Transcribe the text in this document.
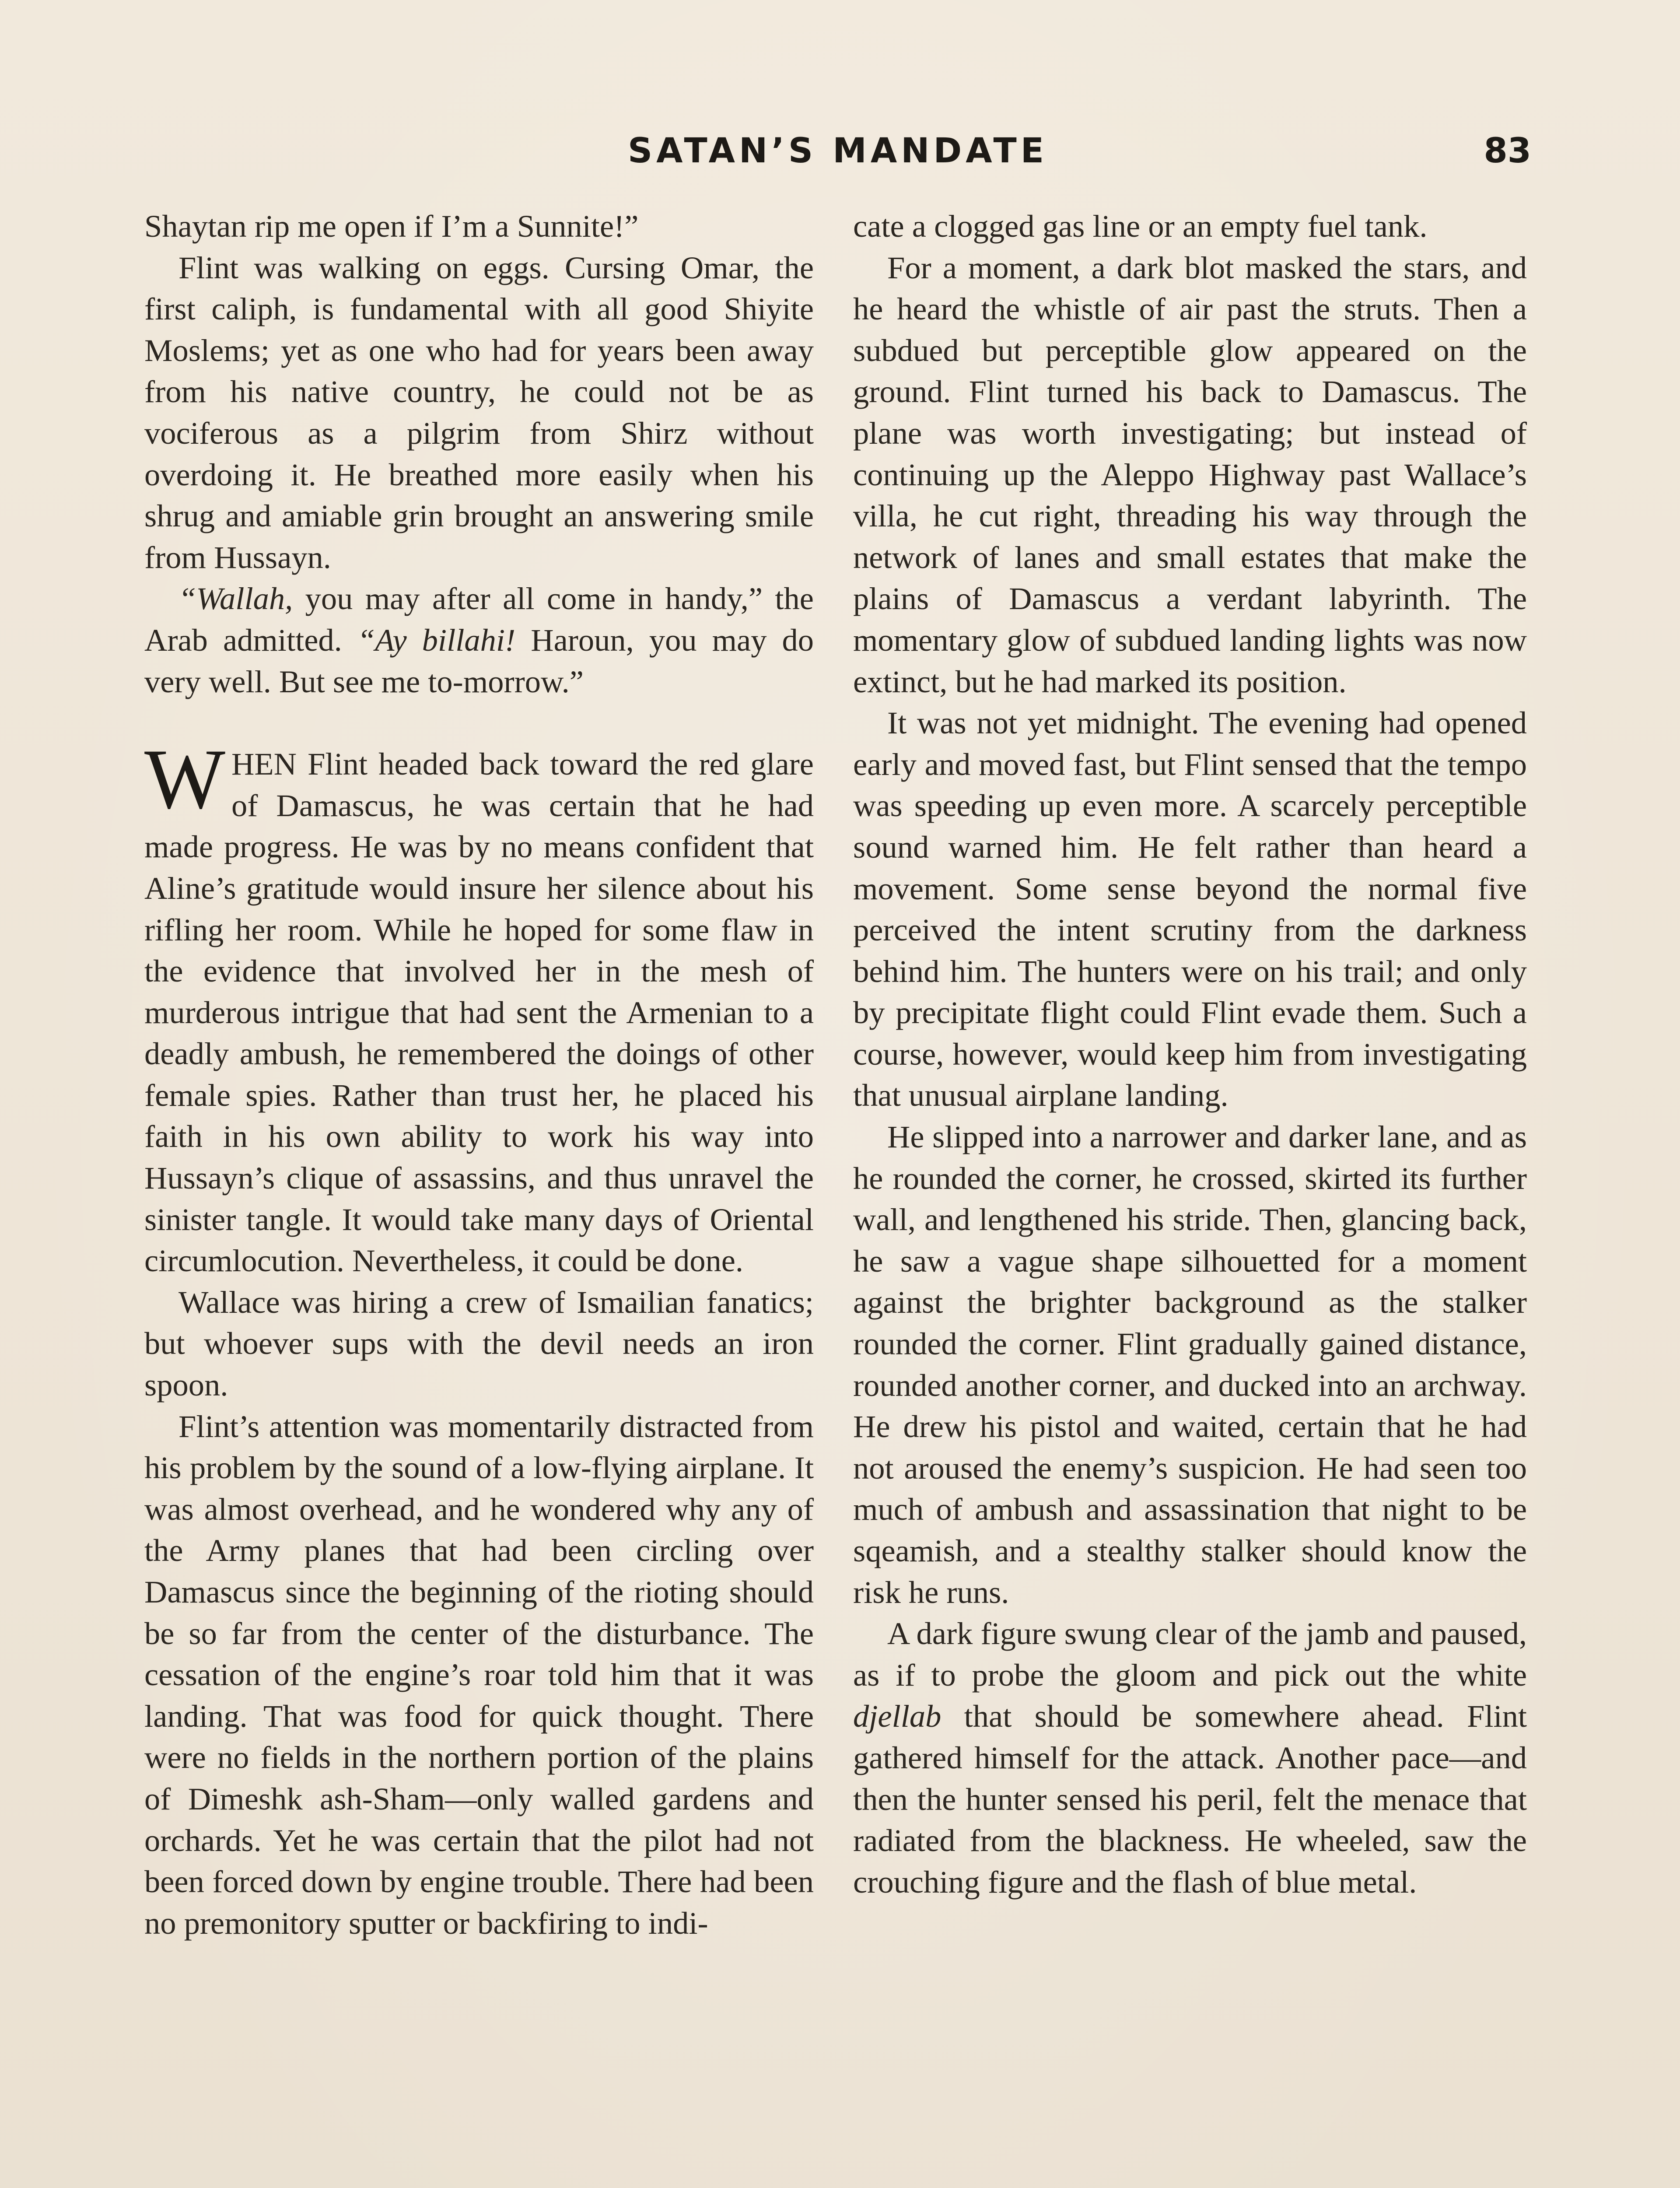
SATAN’S MANDATE	83

Shaytan rip me open if I’m a Sunnite!”

Flint was walking on eggs. Cursing Omar, the first caliph, is fundamental with all good Shiyite Moslems; yet as one who had for years been away from his native country, he could not be as vociferous as a pilgrim from Shirz without overdoing it. He breathed more easily when his shrug and amiable grin brought an answering smile from Hussayn.

“Wallah, you may after all come in handy,” the Arab admitted. “Ay billahi! Haroun, you may do very well. But see me to-morrow.”

WHEN Flint headed back toward the red glare of Damascus, he was certain that he had made progress. He was by no means confident that Aline’s gratitude would insure her silence about his rifling her room. While he hoped for some flaw in the evidence that involved her in the mesh of murderous intrigue that had sent the Armenian to a deadly ambush, he remembered the doings of other female spies. Rather than trust her, he placed his faith in his own ability to work his way into Hussayn’s clique of assassins, and thus unravel the sinister tangle. It would take many days of Oriental circumlocution. Nevertheless, it could be done.

Wallace was hiring a crew of Ismailian fanatics; but whoever sups with the devil needs an iron spoon.

Flint’s attention was momentarily distracted from his problem by the sound of a low-flying airplane. It was almost overhead, and he wondered why any of the Army planes that had been circling over Damascus since the beginning of the rioting should be so far from the center of the disturbance. The cessation of the engine’s roar told him that it was landing. That was food for quick thought. There were no fields in the northern portion of the plains of Dimeshk ash-Sham—only walled gardens and orchards. Yet he was certain that the pilot had not been forced down by engine trouble. There had been no premonitory sputter or backfiring to indi-

cate a clogged gas line or an empty fuel tank.

For a moment, a dark blot masked the stars, and he heard the whistle of air past the struts. Then a subdued but perceptible glow appeared on the ground. Flint turned his back to Damascus. The plane was worth investigating; but instead of continuing up the Aleppo Highway past Wallace’s villa, he cut right, threading his way through the network of lanes and small estates that make the plains of Damascus a verdant labyrinth. The momentary glow of subdued landing lights was now extinct, but he had marked its position.

It was not yet midnight. The evening had opened early and moved fast, but Flint sensed that the tempo was speeding up even more. A scarcely perceptible sound warned him. He felt rather than heard a movement. Some sense beyond the normal five perceived the intent scrutiny from the darkness behind him. The hunters were on his trail; and only by precipitate flight could Flint evade them. Such a course, however, would keep him from investigating that unusual airplane landing.

He slipped into a narrower and darker lane, and as he rounded the corner, he crossed, skirted its further wall, and lengthened his stride. Then, glancing back, he saw a vague shape silhouetted for a moment against the brighter background as the stalker rounded the corner. Flint gradually gained distance, rounded another corner, and ducked into an archway. He drew his pistol and waited, certain that he had not aroused the enemy’s suspicion. He had seen too much of ambush and assassination that night to be sqeamish, and a stealthy stalker should know the risk he runs.

A dark figure swung clear of the jamb and paused, as if to probe the gloom and pick out the white djellab that should be somewhere ahead. Flint gathered himself for the attack. Another pace—and then the hunter sensed his peril, felt the menace that radiated from the blackness. He wheeled, saw the crouching figure and the flash of blue metal.
